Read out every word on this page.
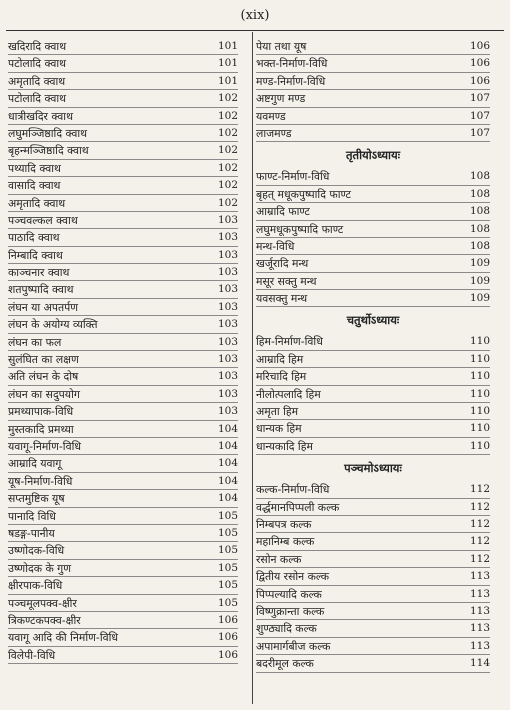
(xix)
खदिरादि क्वाथ	101
पटोलादि क्वाथ	101
अमृतादि क्वाथ	101
पटोलादि क्वाथ	102
धात्रीखदिर क्वाथ	102
लघुमञ्जिष्ठादि क्वाथ	102
बृहन्मञ्जिष्ठादि क्वाथ	102
पथ्यादि क्वाथ	102
वासादि क्वाथ	102
अमृतादि क्वाथ	102
पञ्चवल्कल क्वाथ	103
पाठादि क्वाथ	103
निम्बादि क्वाथ	103
काञ्चनार क्वाथ	103
शतपुष्पादि क्वाथ	103
लंघन या अपतर्पण	103
लंघन के अयोग्य व्यक्ति	103
लंघन का फल	103
सुलंघित का लक्षण	103
अति लंघन के दोष	103
लंघन का सदुपयोग	103
प्रमथ्यापाक-विधि	103
मुस्तकादि प्रमथ्या	104
यवागू-निर्माण-विधि	104
आम्रादि यवागू	104
यूष-निर्माण-विधि	104
सप्तमुष्टिक यूष	104
पानादि विधि	105
षडङ्ग-पानीय	105
उष्णोदक-विधि	105
उष्णोदक के गुण	105
क्षीरपाक-विधि	105
पञ्चमूलपक्व-क्षीर	105
त्रिकण्टकपक्व-क्षीर	106
यवागू आदि की निर्माण-विधि	106
विलेपी-विधि	106
पेया तथा यूष	106
भक्त-निर्माण-विधि	106
मण्ड-निर्माण-विधि	106
अष्टगुण मण्ड	107
यवमण्ड	107
लाजमण्ड	107
तृतीयोऽध्यायः
फाण्ट-निर्माण-विधि	108
बृहत् मधूकपुष्पादि फाण्ट	108
आम्रादि फाण्ट	108
लघुमधूकपुष्पादि फाण्ट	108
मन्थ-विधि	108
खर्जूरादि मन्थ	109
मसूर सक्तु मन्थ	109
यवसक्तु मन्थ	109
चतुर्थोऽध्यायः
हिम-निर्माण-विधि	110
आम्रादि हिम	110
मरिचादि हिम	110
नीलोत्पलादि हिम	110
अमृता हिम	110
धान्यक हिम	110
धान्यकादि हिम	110
पञ्चमोऽध्यायः
कल्क-निर्माण-विधि	112
वर्द्धमानपिप्पली कल्क	112
निम्बपत्र कल्क	112
महानिम्ब कल्क	112
रसोन कल्क	112
द्वितीय रसोन कल्क	113
पिप्पल्यादि कल्क	113
विष्णुक्रान्ता कल्क	113
शुण्ठ्यादि कल्क	113
अपामार्गबीज कल्क	113
बदरीमूल कल्क	114
